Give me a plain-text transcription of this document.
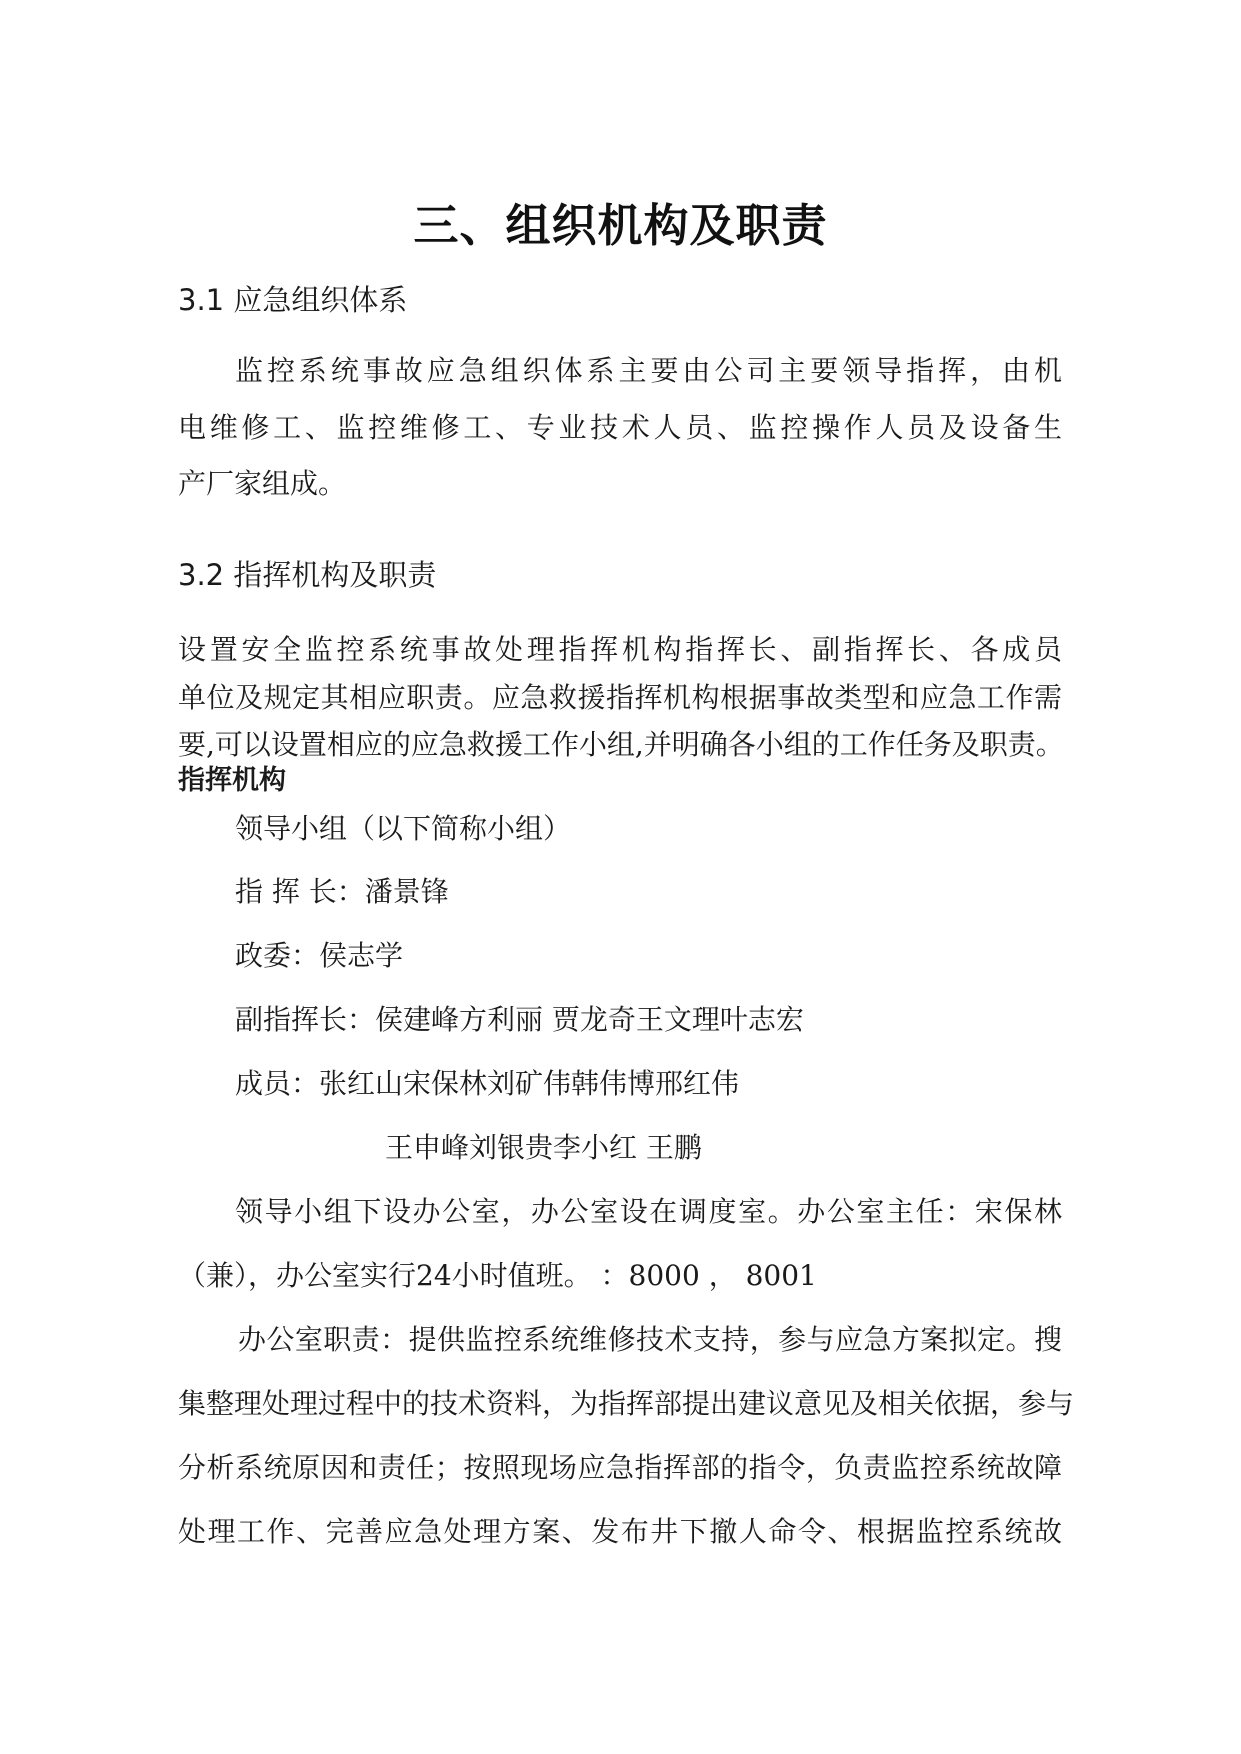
三、组织机构及职责
3.1 应急组织体系
监控系统事故应急组织体系主要由公司主要领导指挥，由机
电维修工、监控维修工、专业技术人员、监控操作人员及设备生
产厂家组成。
3.2 指挥机构及职责
设置安全监控系统事故处理指挥机构指挥长、副指挥长、各成员
单位及规定其相应职责。应急救援指挥机构根据事故类型和应急工作需
要,可以设置相应的应急救援工作小组,并明确各小组的工作任务及职责。
指挥机构
领导小组（以下简称小组）
指 挥 长：潘景锋
政委：侯志学
副指挥长：侯建峰方利丽 贾龙奇王文理叶志宏
成员：张红山宋保林刘矿伟韩伟博邢红伟
王申峰刘银贵李小红 王鹏
领导小组下设办公室，办公室设在调度室。办公室主任：宋保林
（兼），办公室实行24小时值班。 ：8000 ， 8001
办公室职责：提供监控系统维修技术支持，参与应急方案拟定。搜
集整理处理过程中的技术资料，为指挥部提出建议意见及相关依据，参与
分析系统原因和责任；按照现场应急指挥部的指令，负责监控系统故障
处理工作、完善应急处理方案、发布井下撤人命令、根据监控系统故
